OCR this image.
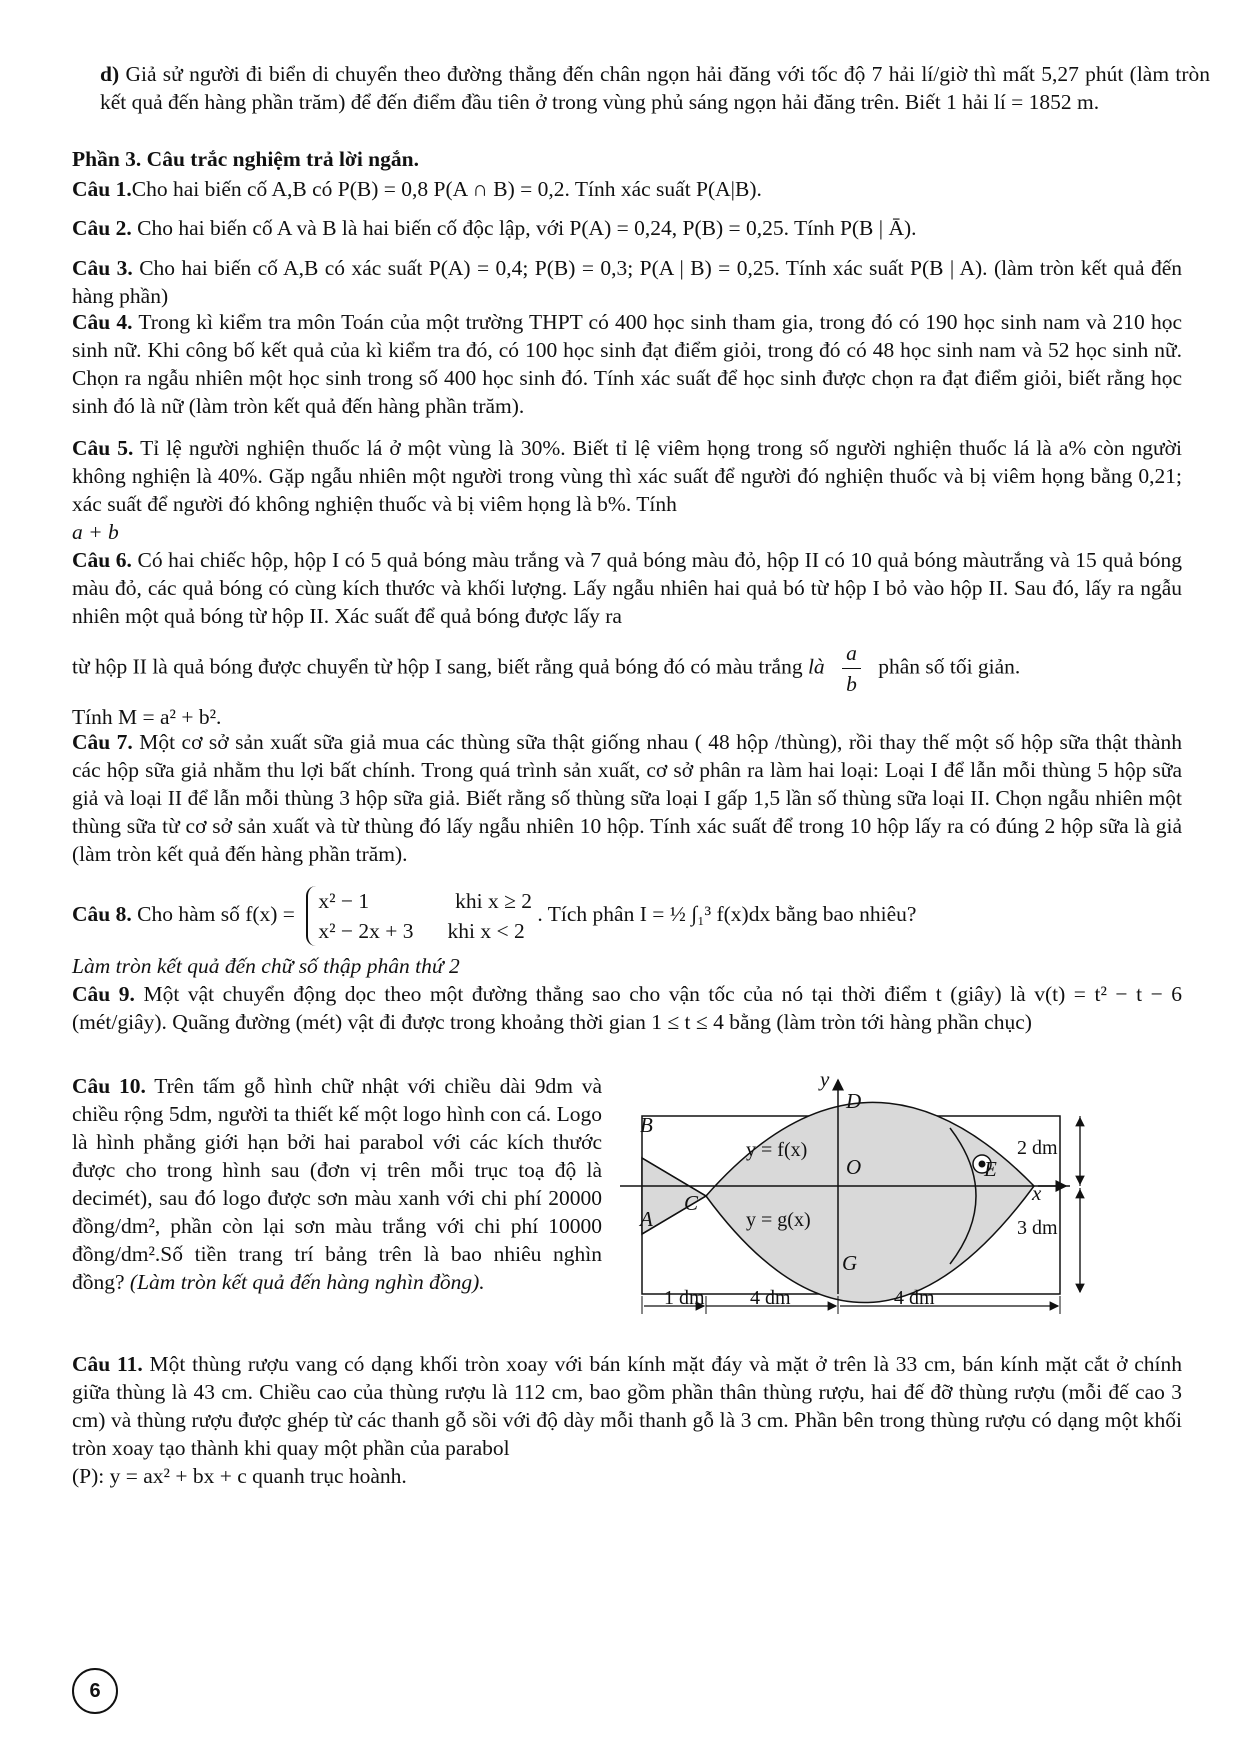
d) Giả sử người đi biển di chuyển theo đường thẳng đến chân ngọn hải đăng với tốc độ 7 hải lí/giờ thì mất 5,27 phút (làm tròn kết quả đến hàng phần trăm) để đến điểm đầu tiên ở trong vùng phủ sáng ngọn hải đăng trên. Biết 1 hải lí = 1852 m.
Phần 3. Câu trắc nghiệm trả lời ngắn.
Câu 1.Cho hai biến cố A,B có P(B) = 0,8 P(A ∩ B) = 0,2. Tính xác suất P(A|B).
Câu 2. Cho hai biến cố A và B là hai biến cố độc lập, với P(A) = 0,24, P(B) = 0,25. Tính P(B | Ā).
Câu 3. Cho hai biến cố A,B có xác suất P(A) = 0,4; P(B) = 0,3; P(A | B) = 0,25. Tính xác suất P(B | A). (làm tròn kết quả đến hàng phần)
Câu 4. Trong kì kiểm tra môn Toán của một trường THPT có 400 học sinh tham gia, trong đó có 190 học sinh nam và 210 học sinh nữ. Khi công bố kết quả của kì kiểm tra đó, có 100 học sinh đạt điểm giỏi, trong đó có 48 học sinh nam và 52 học sinh nữ. Chọn ra ngẫu nhiên một học sinh trong số 400 học sinh đó. Tính xác suất để học sinh được chọn ra đạt điểm giỏi, biết rằng học sinh đó là nữ (làm tròn kết quả đến hàng phần trăm).
Câu 5. Tỉ lệ người nghiện thuốc lá ở một vùng là 30%. Biết tỉ lệ viêm họng trong số người nghiện thuốc lá là a% còn người không nghiện là 40%. Gặp ngẫu nhiên một người trong vùng thì xác suất để người đó nghiện thuốc và bị viêm họng bằng 0,21; xác suất để người đó không nghiện thuốc và bị viêm họng là b%. Tính
a + b
Câu 6. Có hai chiếc hộp, hộp I có 5 quả bóng màu trắng và 7 quả bóng màu đỏ, hộp II có 10 quả bóng màutrắng và 15 quả bóng màu đỏ, các quả bóng có cùng kích thước và khối lượng. Lấy ngẫu nhiên hai quả bó từ hộp I bỏ vào hộp II. Sau đó, lấy ra ngẫu nhiên một quả bóng từ hộp II. Xác suất để quả bóng được lấy ra
từ hộp II là quả bóng được chuyển từ hộp I sang, biết rằng quả bóng đó có màu trắng là $\frac{a}{b}$ phân số tối giản.
Tính M = a² + b².
Câu 7. Một cơ sở sản xuất sữa giả mua các thùng sữa thật giống nhau ( 48 hộp /thùng), rồi thay thế một số hộp sữa thật thành các hộp sữa giả nhằm thu lợi bất chính. Trong quá trình sản xuất, cơ sở phân ra làm hai loại: Loại I để lẫn mỗi thùng 5 hộp sữa giả và loại II để lẫn mỗi thùng 3 hộp sữa giả. Biết rằng số thùng sữa loại I gấp 1,5 lần số thùng sữa loại II. Chọn ngẫu nhiên một thùng sữa từ cơ sở sản xuất và từ thùng đó lấy ngẫu nhiên 10 hộp. Tính xác suất để trong 10 hộp lấy ra có đúng 2 hộp sữa là giả (làm tròn kết quả đến hàng phần trăm).
Câu 8. Cho hàm số f(x) =
x² − 1	khi x ≥ 2
x² − 2x + 3 khi x < 2
. Tích phân I = ½ ∫₁³ f(x)dx bằng bao nhiêu?
Làm tròn kết quả đến chữ số thập phân thứ 2
Câu 9. Một vật chuyển động dọc theo một đường thẳng sao cho vận tốc của nó tại thời điểm t (giây) là v(t) = t² − t − 6 (mét/giây). Quãng đường (mét) vật đi được trong khoảng thời gian 1 ≤ t ≤ 4 bằng (làm tròn tới hàng phần chục)
Câu 10. Trên tấm gỗ hình chữ nhật với chiều dài 9dm và chiều rộng 5dm, người ta thiết kế một logo hình con cá. Logo là hình phẳng giới hạn bởi hai parabol với các kích thước được cho trong hình sau (đơn vị trên mỗi trục toạ độ là decimét), sau đó logo được sơn màu xanh với chi phí 20000 đồng/dm², phần còn lại sơn màu trắng với chi phí 10000 đồng/dm².Số tiền trang trí bảng trên là bao nhiêu nghìn đồng? (Làm tròn kết quả đến hàng nghìn đồng).
Câu 11. Một thùng rượu vang có dạng khối tròn xoay với bán kính mặt đáy và mặt ở trên là 33 cm, bán kính mặt cắt ở chính giữa thùng là 43 cm. Chiều cao của thùng rượu là 112 cm, bao gồm phần thân thùng rượu, hai đế đỡ thùng rượu (mỗi đế cao 3 cm) và thùng rượu được ghép từ các thanh gỗ sồi với độ dày mỗi thanh gỗ là 3 cm. Phần bên trong thùng rượu có dạng một khối tròn xoay tạo thành khi quay một phần của parabol
(P): y = ax² + bx + c quanh trục hoành.
y
D
B
O	E
x
C
A
G
y = f(x)
y = g(x)
2 dm
3 dm
1 dm 4 dm	4 dm
6
